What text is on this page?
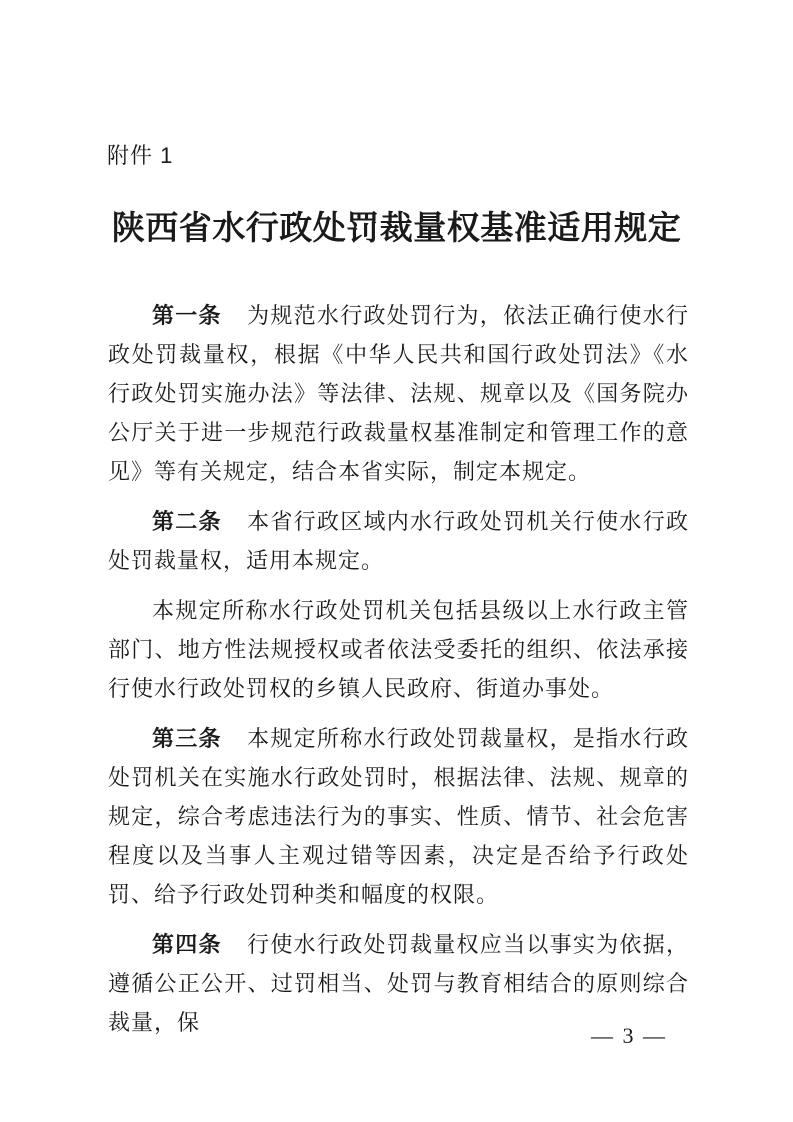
附件 1
陕西省水行政处罚裁量权基准适用规定

第一条 为规范水行政处罚行为，依法正确行使水行政处罚裁量权，根据《中华人民共和国行政处罚法》《水行政处罚实施办法》等法律、法规、规章以及《国务院办公厅关于进一步规范行政裁量权基准制定和管理工作的意见》等有关规定，结合本省实际，制定本规定。

第二条 本省行政区域内水行政处罚机关行使水行政处罚裁量权，适用本规定。

本规定所称水行政处罚机关包括县级以上水行政主管部门、地方性法规授权或者依法受委托的组织、依法承接行使水行政处罚权的乡镇人民政府、街道办事处。

第三条 本规定所称水行政处罚裁量权，是指水行政处罚机关在实施水行政处罚时，根据法律、法规、规章的规定，综合考虑违法行为的事实、性质、情节、社会危害程度以及当事人主观过错等因素，决定是否给予行政处罚、给予行政处罚种类和幅度的权限。

第四条 行使水行政处罚裁量权应当以事实为依据，遵循公正公开、过罚相当、处罚与教育相结合的原则综合裁量，保

— 3 —
